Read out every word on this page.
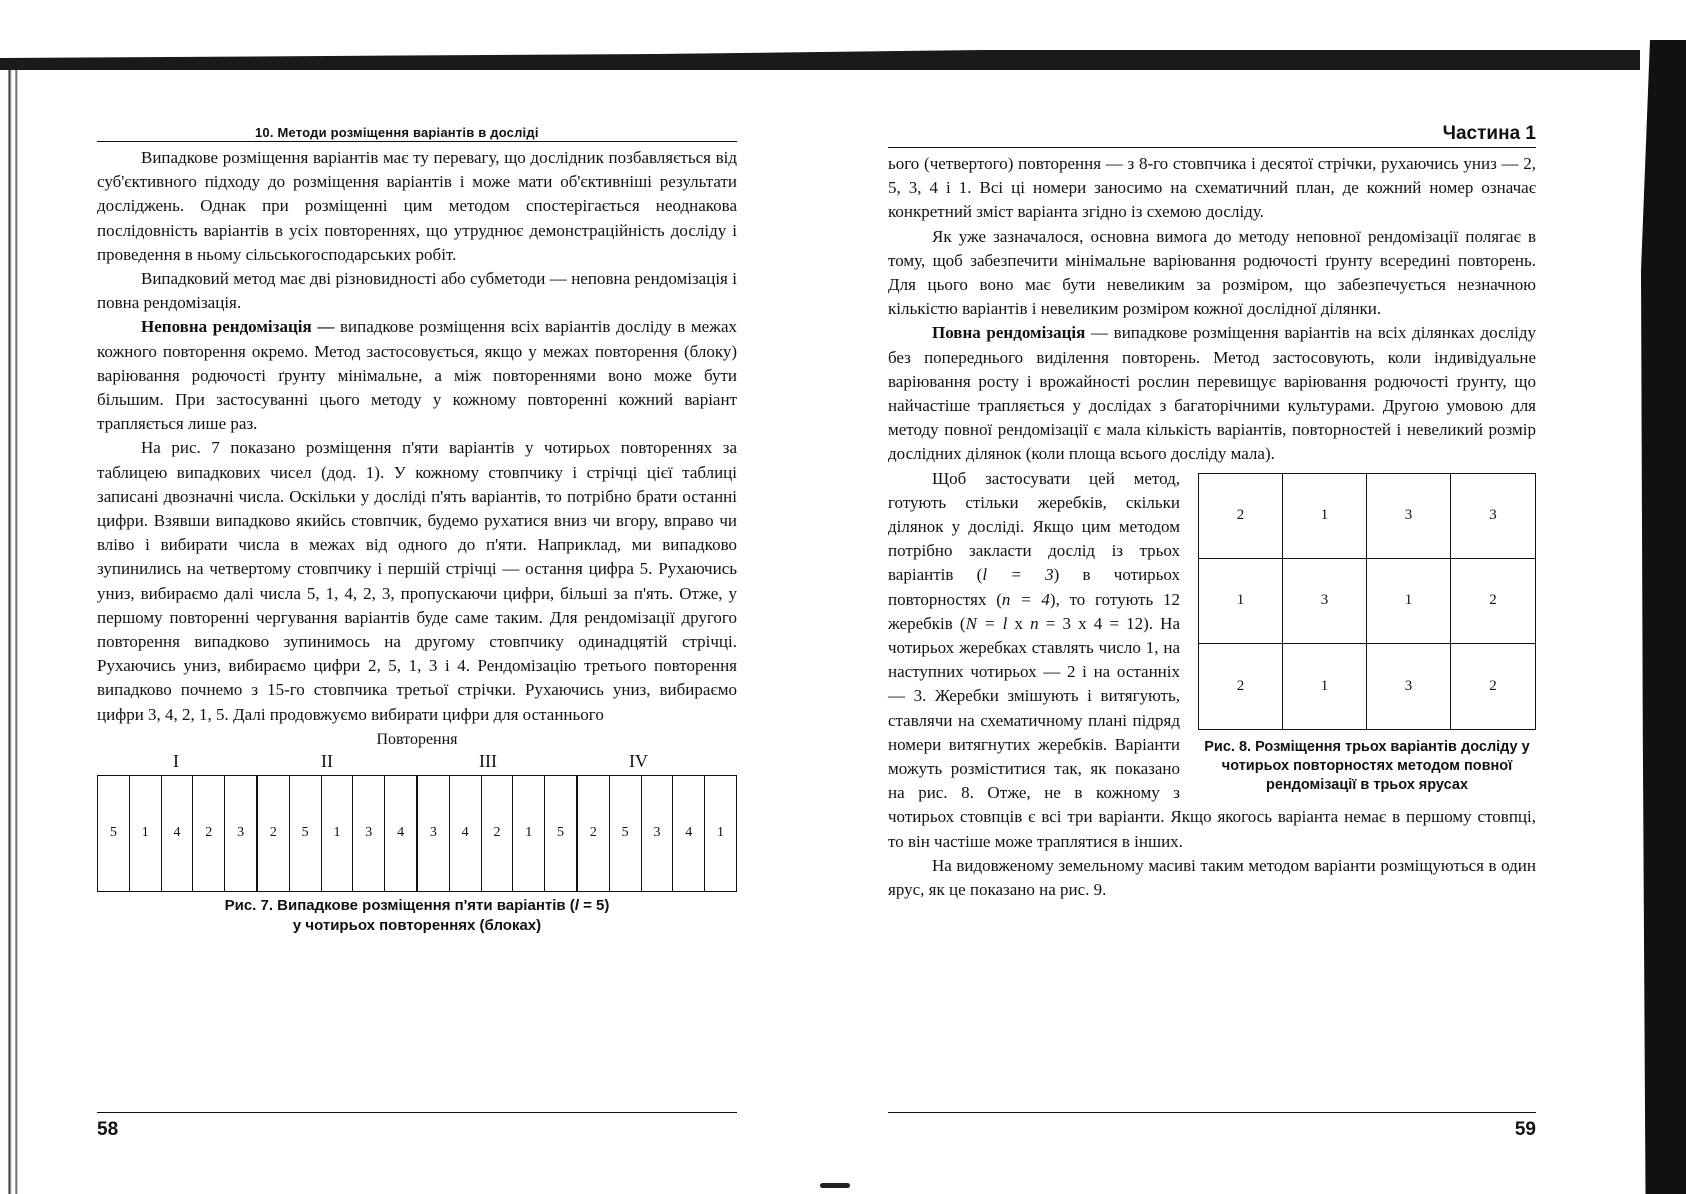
10. Методи розміщення варіантів в досліді

Випадкове розміщення варіантів має ту перевагу, що дослідник позбавляється від суб'єктивного підходу до розміщення варіантів і може мати об'єктивніші результати досліджень. Однак при розміщенні цим методом спостерігається неоднакова послідовність варіантів в усіх повтореннях, що утруднює демонстраційність досліду і проведення в ньому сільськогосподарських робіт.

Випадковий метод має дві різновидності або субметоди — неповна рендомізація і повна рендомізація.

Неповна рендомізація — випадкове розміщення всіх варіантів досліду в межах кожного повторення окремо. Метод застосовується, якщо у межах повторення (блоку) варіювання родючості ґрунту мінімальне, а між повтореннями воно може бути більшим. При застосуванні цього методу у кожному повторенні кожний варіант трапляється лише раз.

На рис. 7 показано розміщення п'яти варіантів у чотирьох повтореннях за таблицею випадкових чисел (дод. 1). У кожному стовпчику і стрічці цієї таблиці записані двозначні числа. Оскільки у досліді п'ять варіантів, то потрібно брати останні цифри. Взявши випадково якийсь стовпчик, будемо рухатися вниз чи вгору, вправо чи вліво і вибирати числа в межах від одного до п'яти. Наприклад, ми випадково зупинились на четвертому стовпчику і першій стрічці — остання цифра 5. Рухаючись униз, вибираємо далі числа 5, 1, 4, 2, 3, пропускаючи цифри, більші за п'ять. Отже, у першому повторенні чергування варіантів буде саме таким. Для рендомізації другого повторення випадково зупинимось на другому стовпчику одинадцятій стрічці. Рухаючись униз, вибираємо цифри 2, 5, 1, 3 і 4. Рендомізацію третього повторення випадково почнемо з 15-го стовпчика третьої стрічки. Рухаючись униз, вибираємо цифри 3, 4, 2, 1, 5. Далі продовжуємо вибирати цифри для останнього

Повторення
I	II	III	IV
5	1	4	2	3	2	5	1	3	4	3	4	2	1	5	2	5	3	4	1
Рис. 7. Випадкове розміщення п'яти варіантів (l = 5)
у чотирьох повтореннях (блоках)
58
Частина 1

ього (четвертого) повторення — з 8-го стовпчика і десятої стрічки, рухаючись униз — 2, 5, 3, 4 і 1. Всі ці номери заносимо на схематичний план, де кожний номер означає конкретний зміст варіанта згідно із схемою досліду.

Як уже зазначалося, основна вимога до методу неповної рендомізації полягає в тому, щоб забезпечити мінімальне варіювання родючості ґрунту всередині повторень. Для цього воно має бути невеликим за розміром, що забезпечується незначною кількістю варіантів і невеликим розміром кожної дослідної ділянки.

Повна рендомізація — випадкове розміщення варіантів на всіх ділянках досліду без попереднього виділення повторень. Метод застосовують, коли індивідуальне варіювання росту і врожайності рослин перевищує варіювання родючості ґрунту, що найчастіше трапляється у дослідах з багаторічними культурами. Другою умовою для методу повної рендомізації є мала кількість варіантів, повторностей і невеликий розмір дослідних ділянок (коли площа всього досліду мала).

2	1	3	3
1	3	1	2
2	1	3	2
Рис. 8. Розміщення трьох варіантів досліду у чотирьох повторностях методом повної рендомізації в трьох ярусах

Щоб застосувати цей метод, готують стільки жеребків, скільки ділянок у досліді. Якщо цим методом потрібно закласти дослід із трьох варіантів (l = 3) в чотирьох повторностях (n = 4), то готують 12 жеребків (N = l x n = 3 x 4 = 12). На чотирьох жеребках ставлять число 1, на наступних чотирьох — 2 і на останніх — 3. Жеребки змішують і витягують, ставлячи на схематичному плані підряд номери витягнутих жеребків. Варіанти можуть розміститися так, як показано на рис. 8. Отже, не в кожному з чотирьох стовпців є всі три варіанти. Якщо якогось варіанта немає в першому стовпці, то він частіше може траплятися в інших.

На видовженому земельному масиві таким методом варіанти розміщуються в один ярус, як це показано на рис. 9.

59
